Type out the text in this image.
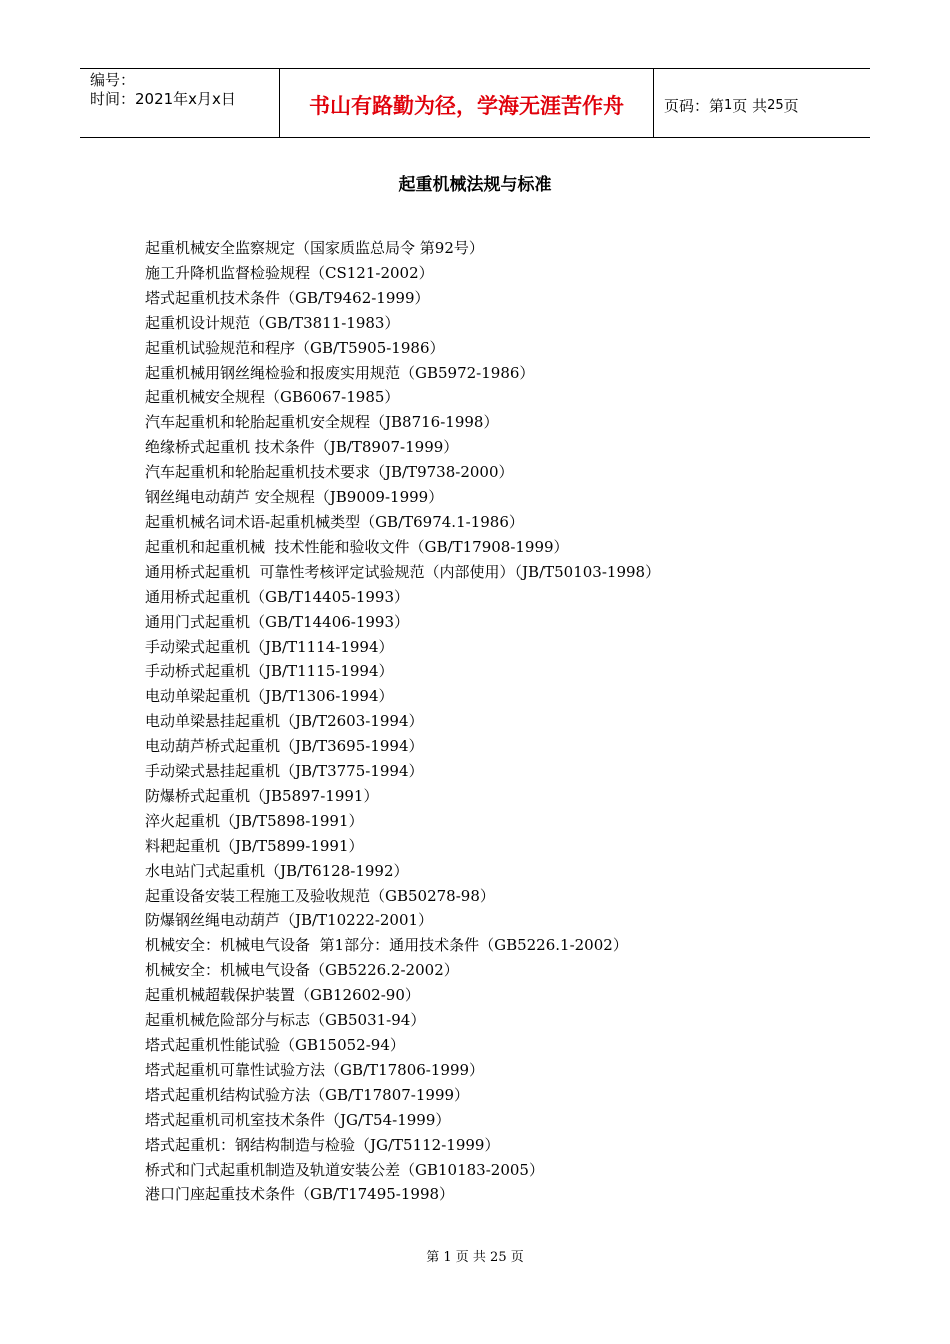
编号：
时间：2021年x月x日	书山有路勤为径，学海无涯苦作舟	页码：第 1 页 共 25 页
起重机械法规与标准
起重机械安全监察规定（国家质监总局令 第92号）
施工升降机监督检验规程（CS121-2002）
塔式起重机技术条件（GB/T9462-1999）
起重机设计规范（GB/T3811-1983）
起重机试验规范和程序（GB/T5905-1986）
起重机械用钢丝绳检验和报废实用规范（GB5972-1986）
起重机械安全规程（GB6067-1985）
汽车起重机和轮胎起重机安全规程（JB8716-1998）
绝缘桥式起重机 技术条件（JB/T8907-1999）
汽车起重机和轮胎起重机技术要求（JB/T9738-2000）
钢丝绳电动葫芦 安全规程（JB9009-1999）
起重机械名词术语-起重机械类型（GB/T6974.1-1986）
起重机和起重机械  技术性能和验收文件（GB/T17908-1999）
通用桥式起重机  可靠性考核评定试验规范（内部使用）（JB/T50103-1998）
通用桥式起重机（GB/T14405-1993）
通用门式起重机（GB/T14406-1993）
手动梁式起重机（JB/T1114-1994）
手动桥式起重机（JB/T1115-1994）
电动单梁起重机（JB/T1306-1994）
电动单梁悬挂起重机（JB/T2603-1994）
电动葫芦桥式起重机（JB/T3695-1994）
手动梁式悬挂起重机（JB/T3775-1994）
防爆桥式起重机（JB5897-1991）
淬火起重机（JB/T5898-1991）
料耙起重机（JB/T5899-1991）
水电站门式起重机（JB/T6128-1992）
起重设备安装工程施工及验收规范（GB50278-98）
防爆钢丝绳电动葫芦（JB/T10222-2001）
机械安全：机械电气设备  第1部分：通用技术条件（GB5226.1-2002）
机械安全：机械电气设备（GB5226.2-2002）
起重机械超载保护装置（GB12602-90）
起重机械危险部分与标志（GB5031-94）
塔式起重机性能试验（GB15052-94）
塔式起重机可靠性试验方法（GB/T17806-1999）
塔式起重机结构试验方法（GB/T17807-1999）
塔式起重机司机室技术条件（JG/T54-1999）
塔式起重机：钢结构制造与检验（JG/T5112-1999）
桥式和门式起重机制造及轨道安装公差（GB10183-2005）
港口门座起重技术条件（GB/T17495-1998）
第 1 页 共 25 页
